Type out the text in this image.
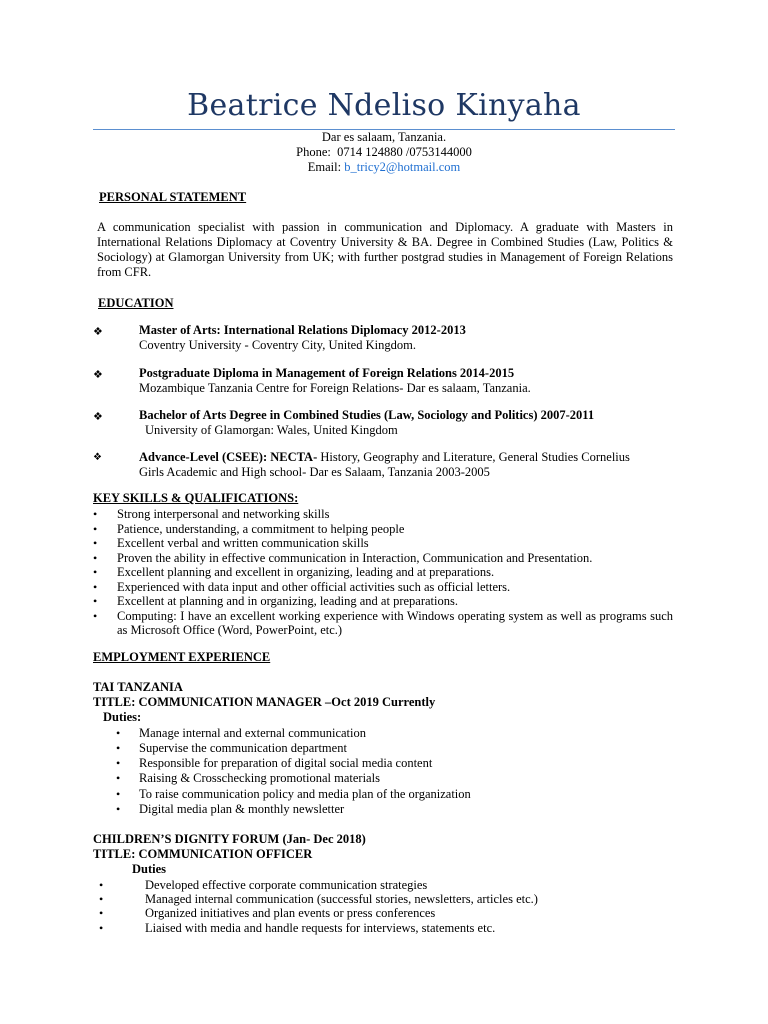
Beatrice Ndeliso Kinyaha
Dar es salaam, Tanzania.
Phone: 0714 124880 /0753144000
Email: b_tricy2@hotmail.com
PERSONAL STATEMENT
A communication specialist with passion in communication and Diplomacy. A graduate with Masters in International Relations Diplomacy at Coventry University & BA. Degree in Combined Studies (Law, Politics & Sociology) at Glamorgan University from UK; with further postgrad studies in Management of Foreign Relations from CFR.
EDUCATION
❖	Master of Arts: International Relations Diplomacy 2012-2013
Coventry University - Coventry City, United Kingdom.
❖	Postgraduate Diploma in Management of Foreign Relations 2014-2015
Mozambique Tanzania Centre for Foreign Relations- Dar es salaam, Tanzania.
❖	Bachelor of Arts Degree in Combined Studies (Law, Sociology and Politics) 2007-2011
University of Glamorgan: Wales, United Kingdom
❖	Advance-Level (CSEE): NECTA- History, Geography and Literature, General Studies Cornelius
Girls Academic and High school- Dar es Salaam, Tanzania 2003-2005
KEY SKILLS & QUALIFICATIONS:
• Strong interpersonal and networking skills
• Patience, understanding, a commitment to helping people
• Excellent verbal and written communication skills
• Proven the ability in effective communication in Interaction, Communication and Presentation.
• Excellent planning and excellent in organizing, leading and at preparations.
• Experienced with data input and other official activities such as official letters.
• Excellent at planning and in organizing, leading and at preparations.
• Computing: I have an excellent working experience with Windows operating system as well as programs such as Microsoft Office (Word, PowerPoint, etc.)
EMPLOYMENT EXPERIENCE
TAI TANZANIA
TITLE: COMMUNICATION MANAGER –Oct 2019 Currently
Duties:
• Manage internal and external communication
• Supervise the communication department
• Responsible for preparation of digital social media content
• Raising & Crosschecking promotional materials
• To raise communication policy and media plan of the organization
• Digital media plan & monthly newsletter
CHILDREN’S DIGNITY FORUM (Jan- Dec 2018)
TITLE: COMMUNICATION OFFICER
Duties
•	Developed effective corporate communication strategies
•	Managed internal communication (successful stories, newsletters, articles etc.)
•	Organized initiatives and plan events or press conferences
•	Liaised with media and handle requests for interviews, statements etc.
